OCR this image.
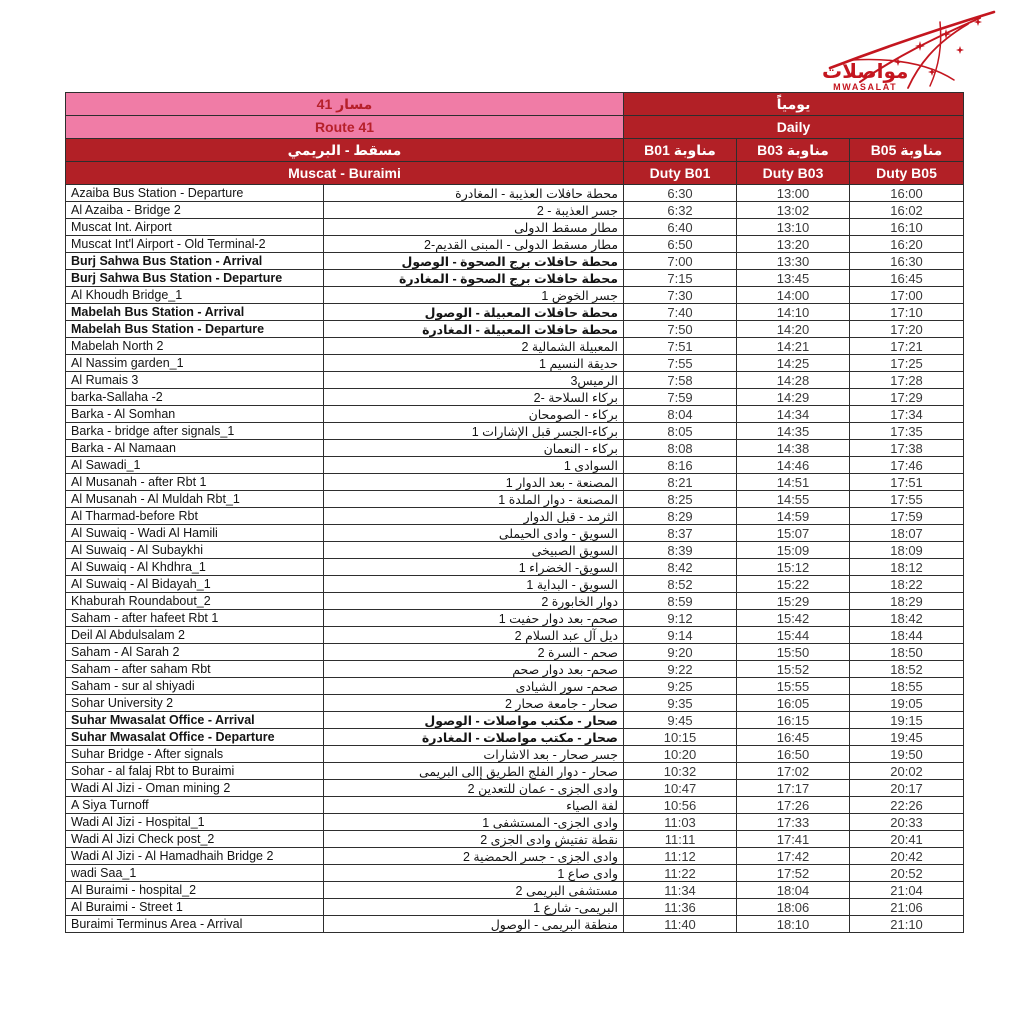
مواصلات
MWASALAT
مسار 41		يومياً		
Route 41		Daily		
مسقط - البريمي		مناوبة B01	مناوبة B03	مناوبة B05
Muscat - Buraimi		Duty B01	Duty B03	Duty B05
Azaiba Bus Station - Departure	محطة حافلات العذيبة - المغادرة	6:30	13:00	16:00
Al Azaiba - Bridge 2	جسر العذيبة - 2	6:32	13:02	16:02
Muscat Int. Airport	مطار مسقط الدولى	6:40	13:10	16:10
Muscat Int'l Airport - Old Terminal-2	مطار مسقط الدولى - المبنى القديم-2	6:50	13:20	16:20
Burj Sahwa Bus Station - Arrival	محطة حافلات برج الصحوة - الوصول	7:00	13:30	16:30
Burj Sahwa Bus Station - Departure	محطة حافلات برج الصحوة - المغادرة	7:15	13:45	16:45
Al Khoudh Bridge_1	جسر الخوض 1	7:30	14:00	17:00
Mabelah Bus Station - Arrival	محطة حافلات المعبيلة - الوصول	7:40	14:10	17:10
Mabelah Bus Station - Departure	محطة حافلات المعبيلة - المغادرة	7:50	14:20	17:20
Mabelah North 2	المعبيلة الشمالية 2	7:51	14:21	17:21
Al Nassim garden_1	حديقة النسيم 1	7:55	14:25	17:25
Al Rumais 3	الرميس3	7:58	14:28	17:28
barka-Sallaha -2	بركاء السلاحة -2	7:59	14:29	17:29
Barka - Al Somhan	بركاء - الصومحان	8:04	14:34	17:34
Barka - bridge after signals_1	بركاء-الجسر قبل الإشارات 1	8:05	14:35	17:35
Barka - Al Namaan	بركاء - النعمان	8:08	14:38	17:38
Al Sawadi_1	السوادى 1	8:16	14:46	17:46
Al Musanah - after Rbt 1	المصنعة - بعد الدوار 1	8:21	14:51	17:51
Al Musanah - Al Muldah Rbt_1	المصنعة - دوار الملدة 1	8:25	14:55	17:55
Al Tharmad-before Rbt	الثرمد - قبل الدوار	8:29	14:59	17:59
Al Suwaiq - Wadi Al Hamili	السويق - وادى الحيملى	8:37	15:07	18:07
Al Suwaiq - Al Subaykhi	السويق الصبيخى	8:39	15:09	18:09
Al Suwaiq - Al Khdhra_1	السويق- الخضراء 1	8:42	15:12	18:12
Al Suwaiq - Al Bidayah_1	السويق - البداية 1	8:52	15:22	18:22
Khaburah Roundabout_2	دوار الخابورة 2	8:59	15:29	18:29
Saham - after hafeet Rbt 1	صحم- بعد دوار حفيت 1	9:12	15:42	18:42
Deil Al Abdulsalam 2	ديل آل عبد السلام 2	9:14	15:44	18:44
Saham - Al Sarah 2	صحم - السرة 2	9:20	15:50	18:50
Saham - after saham Rbt	صحم- بعد دوار صحم	9:22	15:52	18:52
Saham - sur al shiyadi	صحم- سور الشيادى	9:25	15:55	18:55
Sohar University 2	صحار - جامعة صحار 2	9:35	16:05	19:05
Suhar Mwasalat Office - Arrival	صحار - مكتب مواصلات - الوصول	9:45	16:15	19:15
Suhar Mwasalat Office - Departure	صحار - مكتب مواصلات - المغادرة	10:15	16:45	19:45
Suhar Bridge - After signals	جسر صحار - بعد الاشارات	10:20	16:50	19:50
Sohar - al falaj Rbt to Buraimi	صحار - دوار الفلج الطريق إالى البريمى	10:32	17:02	20:02
Wadi Al Jizi - Oman mining 2	وادى الجزى - عمان للتعدين 2	10:47	17:17	20:17
A Siya Turnoff	لفة الصياء	10:56	17:26	22:26
Wadi Al Jizi - Hospital_1	وادى الجزى- المستشفى 1	11:03	17:33	20:33
Wadi Al Jizi Check post_2	نقطة تفتيش وادى الجزى 2	11:11	17:41	20:41
Wadi Al Jizi - Al Hamadhaih Bridge 2	وادى الجزى - جسر الحمضية 2	11:12	17:42	20:42
wadi Saa_1	وادى صاع 1	11:22	17:52	20:52
Al Buraimi - hospital_2	مستشفى البريمى 2	11:34	18:04	21:04
Al Buraimi - Street 1	البريمى- شارع 1	11:36	18:06	21:06
Buraimi Terminus Area - Arrival	منطقة البريمى - الوصول	11:40	18:10	21:10
